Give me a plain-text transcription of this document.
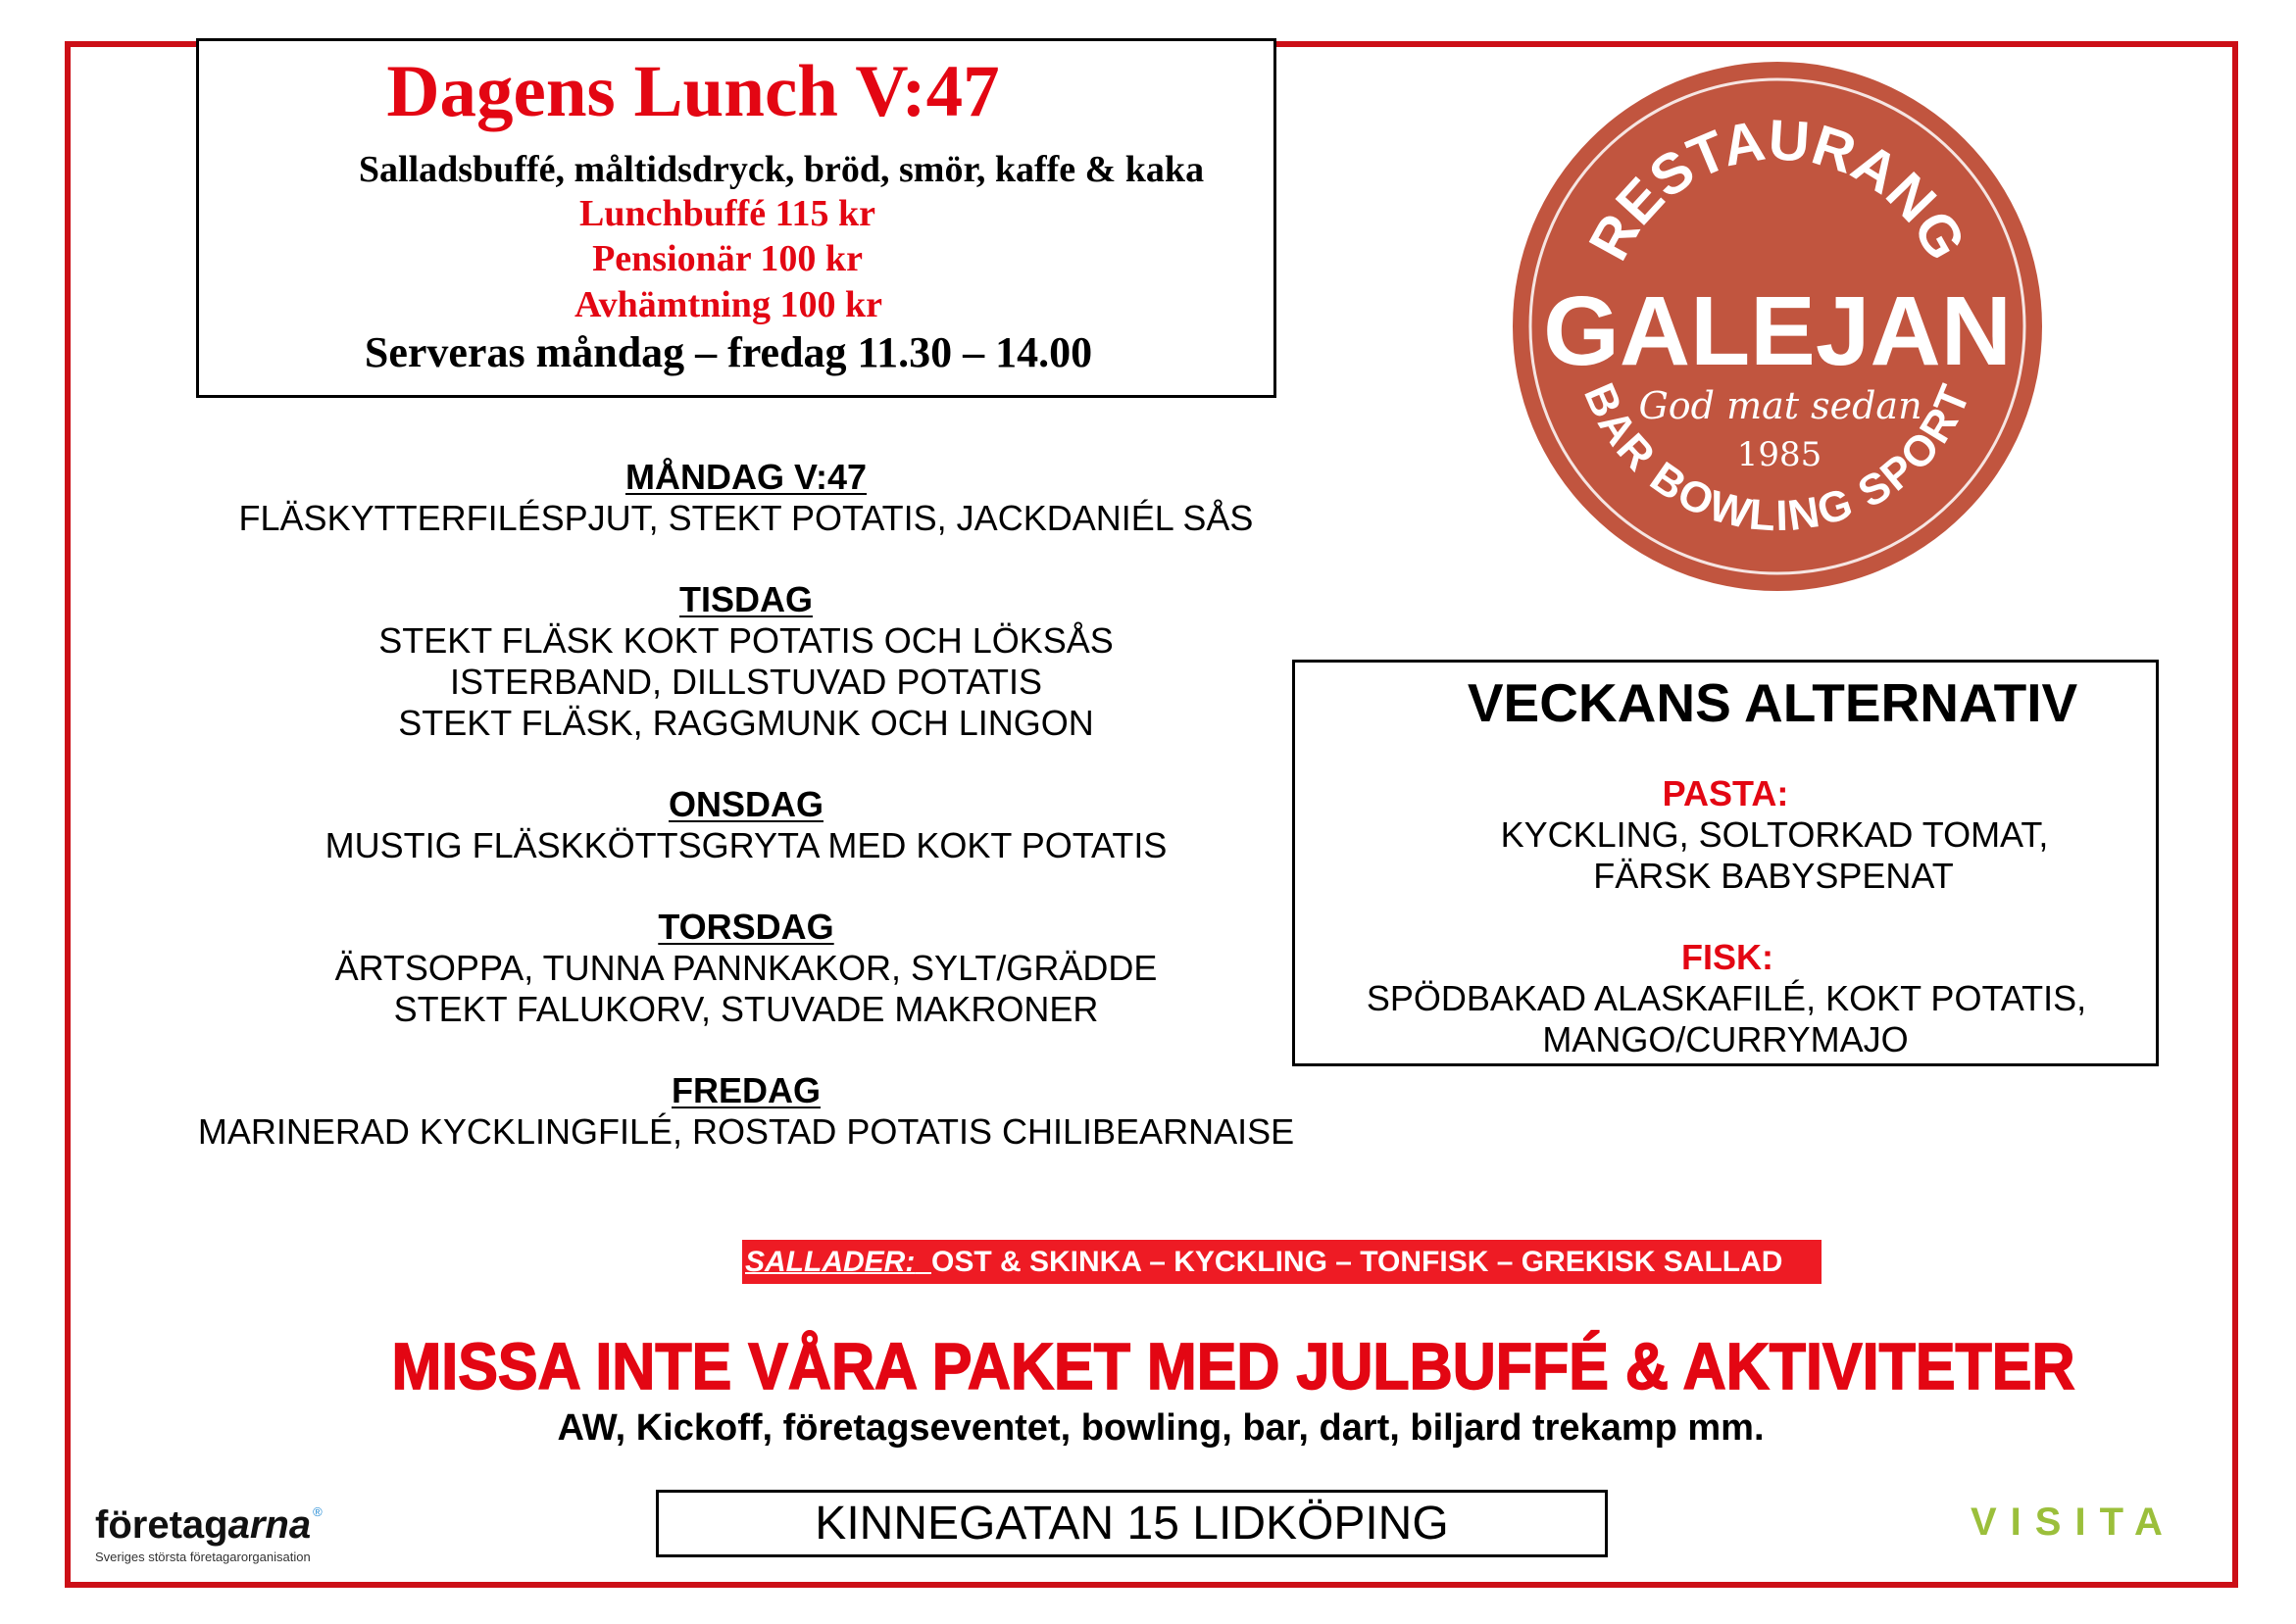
Dagens Lunch V:47
Salladsbuffé, måltidsdryck, bröd, smör, kaffe & kaka
Lunchbuffé 115 kr
Pensionär 100 kr
Avhämtning 100 kr
Serveras måndag – fredag 11.30 – 14.00
RESTAURANG
GALEJAN
God mat sedan
1985
BAR BOWLING SPORT
MÅNDAG V:47
FLÄSKYTTERFILÉSPJUT, STEKT POTATIS, JACKDANIÉL SÅS
TISDAG
STEKT FLÄSK KOKT POTATIS OCH LÖKSÅS
ISTERBAND, DILLSTUVAD POTATIS
STEKT FLÄSK, RAGGMUNK OCH LINGON
ONSDAG
MUSTIG FLÄSKKÖTTSGRYTA MED KOKT POTATIS
TORSDAG
ÄRTSOPPA, TUNNA PANNKAKOR, SYLT/GRÄDDE
STEKT FALUKORV, STUVADE MAKRONER
FREDAG
MARINERAD KYCKLINGFILÉ, ROSTAD POTATIS CHILIBEARNAISE
VECKANS ALTERNATIV
PASTA:
KYCKLING, SOLTORKAD TOMAT,
FÄRSK BABYSPENAT
FISK:
SPÖDBAKAD ALASKAFILÉ, KOKT POTATIS,
MANGO/CURRYMAJO
SALLADER: OST & SKINKA – KYCKLING – TONFISK – GREKISK SALLAD
MISSA INTE VÅRA PAKET MED JULBUFFÉ & AKTIVITETER
AW, Kickoff, företagseventet, bowling, bar, dart, biljard trekamp mm.
KINNEGATAN 15 LIDKÖPING
företagarna ®
Sveriges största företagarorganisation
VISITA
